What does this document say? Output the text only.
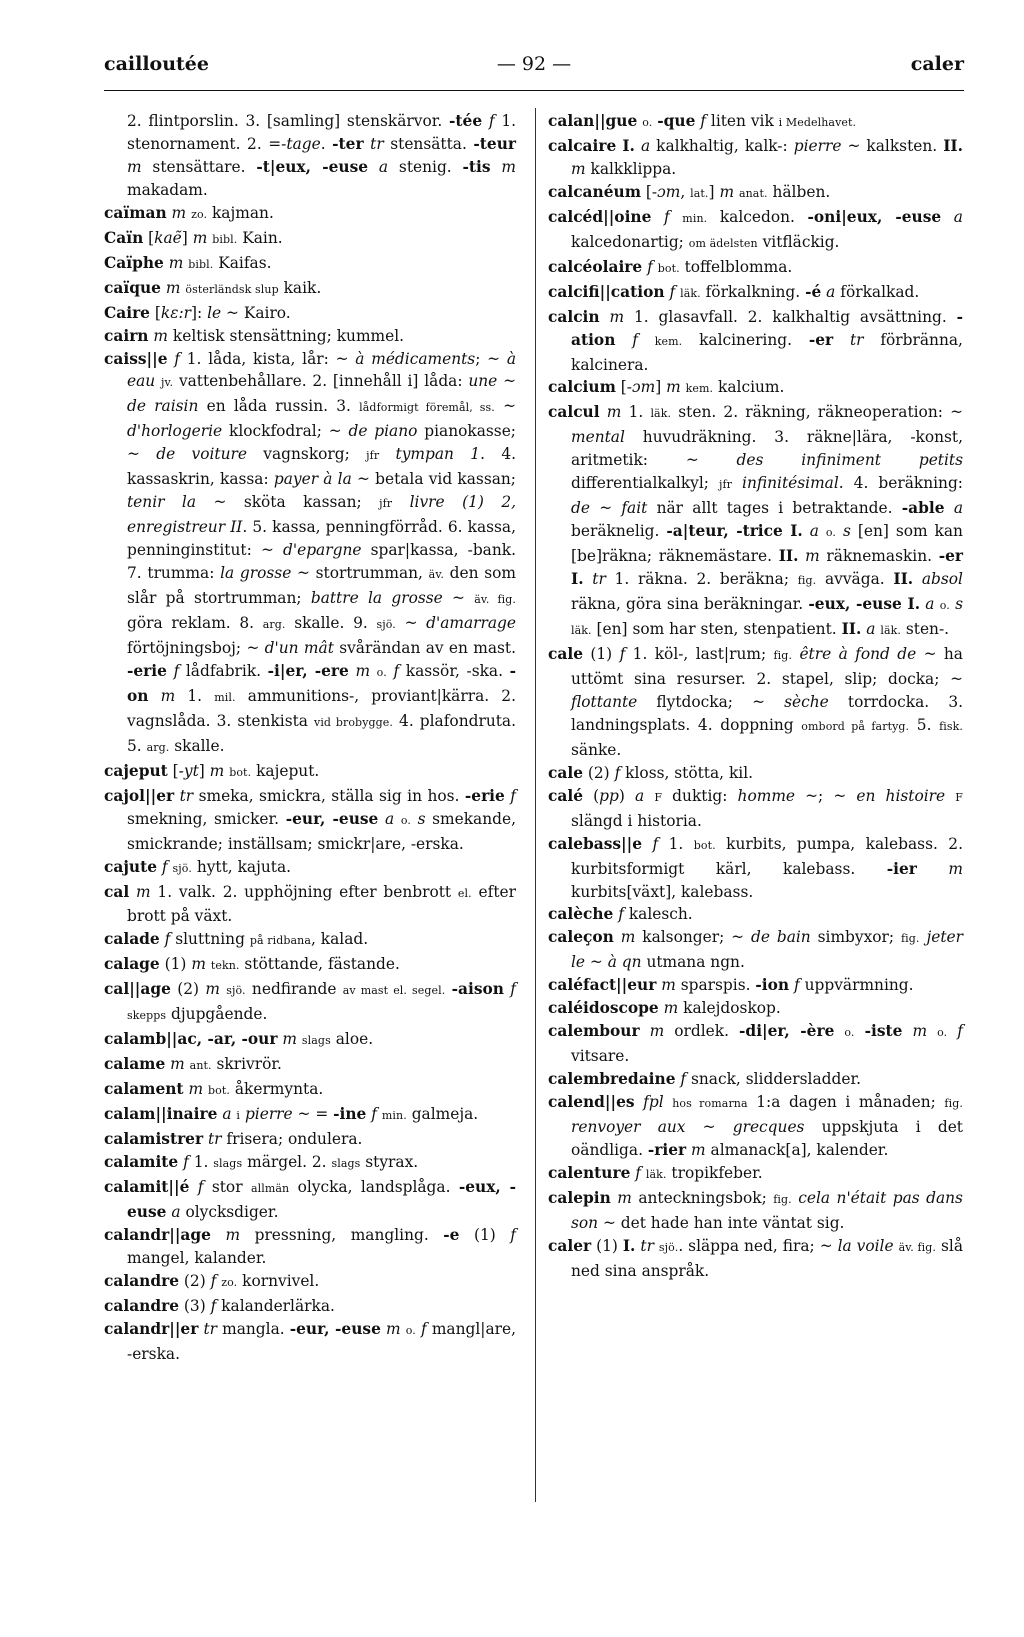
cailloutée	— 92 —	caler

2. flintporslin. 3. [samling] stenskärvor. -tée f 1. stenornament. 2. =-tage. -ter tr stensätta. -teur m stensättare. -t|eux, -euse a stenig. -tis m makadam.

caïman m zo. kajman.

Caïn [kaẽ] m bibl. Kain.

Caïphe m bibl. Kaifas.

caïque m österländsk slup kaik.

Caire [kɛ:r]: le ~ Kairo.

cairn m keltisk stensättning; kummel.

caiss||e f 1. låda, kista, lår: ~ à médicaments; ~ à eau jv. vattenbehållare. 2. [innehåll i] låda: une ~ de raisin en låda russin. 3. lådformigt föremål, ss. ~ d'horlogerie klockfodral; ~ de piano pianokasse; ~ de voiture vagnskorg; jfr tympan 1. 4. kassaskrin, kassa: payer à la ~ betala vid kassan; tenir la ~ sköta kassan; jfr livre (1) 2, enregistreur II. 5. kassa, penningförråd. 6. kassa, penninginstitut: ~ d'epargne spar|kassa, -bank. 7. trumma: la grosse ~ stortrumman, äv. den som slår på stortrumman; battre la grosse ~ äv. fig. göra reklam. 8. arg. skalle. 9. sjö. ~ d'amarrage förtöjningsboj; ~ d'un mât svårändan av en mast. -erie f lådfabrik. -i|er, -ere m o. f kassör, -ska. -on m 1. mil. ammunitions-, proviant|kärra. 2. vagnslåda. 3. stenkista vid brobygge. 4. plafondruta. 5. arg. skalle.

cajeput [-yt] m bot. kajeput.

cajol||er tr smeka, smickra, ställa sig in hos. -erie f smekning, smicker. -eur, -euse a o. s smekande, smickrande; inställsam; smickr|are, -erska.

cajute f sjö. hytt, kajuta.

cal m 1. valk. 2. upphöjning efter benbrott el. efter brott på växt.

calade f sluttning på ridbana, kalad.

calage (1) m tekn. stöttande, fästande.

cal||age (2) m sjö. nedfirande av mast el. segel. -aison f skepps djupgående.

calamb||ac, -ar, -our m slags aloe.

calame m ant. skrivrör.

calament m bot. åkermynta.

calam||inaire a i pierre ~ = -ine f min. galmeja.

calamistrer tr frisera; ondulera.

calamite f 1. slags märgel. 2. slags styrax.

calamit||é f stor allmän olycka, landsplåga. -eux, -euse a olycksdiger.

calandr||age m pressning, mangling. -e (1) f mangel, kalander.

calandre (2) f zo. kornvivel.

calandre (3) f kalanderlärka.

calandr||er tr mangla. -eur, -euse m o. f mangl|are, -erska.

calan||gue o. -que f liten vik i Medelhavet.

calcaire I. a kalkhaltig, kalk-: pierre ~ kalksten. II. m kalkklippa.

calcanéum [-ɔm, lat.] m anat. hälben.

calcéd||oine f min. kalcedon. -oni|eux, -euse a kalcedonartig; om ädelsten vitfläckig.

calcéolaire f bot. toffelblomma.

calcifi||cation f läk. förkalkning. -é a förkalkad.

calcin m 1. glasavfall. 2. kalkhaltig avsättning. -ation f kem. kalcinering. -er tr förbränna, kalcinera.

calcium [-ɔm] m kem. kalcium.

calcul m 1. läk. sten. 2. räkning, räkneoperation: ~ mental huvudräkning. 3. räkne|lära, -konst, aritmetik: ~ des infiniment petits differentialkalkyl; jfr infinitésimal. 4. beräkning: de ~ fait när allt tages i betraktande. -able a beräknelig. -a|teur, -trice I. a o. s [en] som kan [be]räkna; räknemästare. II. m räknemaskin. -er I. tr 1. räkna. 2. beräkna; fig. avväga. II. absol räkna, göra sina beräkningar. -eux, -euse I. a o. s läk. [en] som har sten, stenpatient. II. a läk. sten-.

cale (1) f 1. köl-, last|rum; fig. être à fond de ~ ha uttömt sina resurser. 2. stapel, slip; docka; ~ flottante flytdocka; ~ sèche torrdocka. 3. landningsplats. 4. doppning ombord på fartyg. 5. fisk. sänke.

cale (2) f kloss, stötta, kil.

calé (pp) a F duktig: homme ~; ~ en histoire F slängd i historia.

calebass||e f 1. bot. kurbits, pumpa, kalebass. 2. kurbitsformigt kärl, kalebass. -ier m kurbits[växt], kalebass.

calèche f kalesch.

caleçon m kalsonger; ~ de bain simbyxor; fig. jeter le ~ à qn utmana ngn.

caléfact||eur m sparspis. -ion f uppvärmning.

caléidoscope m kalejdoskop.

calembour m ordlek. -di|er, -ère o. -iste m o. f vitsare.

calembredaine f snack, sliddersladder.

calend||es fpl hos romarna 1:a dagen i månaden; fig. renvoyer aux ~ grecques uppskjuta i det oändliga. -rier m almanack[a], kalender.

calenture f läk. tropikfeber.

calepin m anteckningsbok; fig. cela n'était pas dans son ~ det hade han inte väntat sig.

caler (1) I. tr sjö.. släppa ned, fira; ~ la voile äv. fig. slå ned sina anspråk.
